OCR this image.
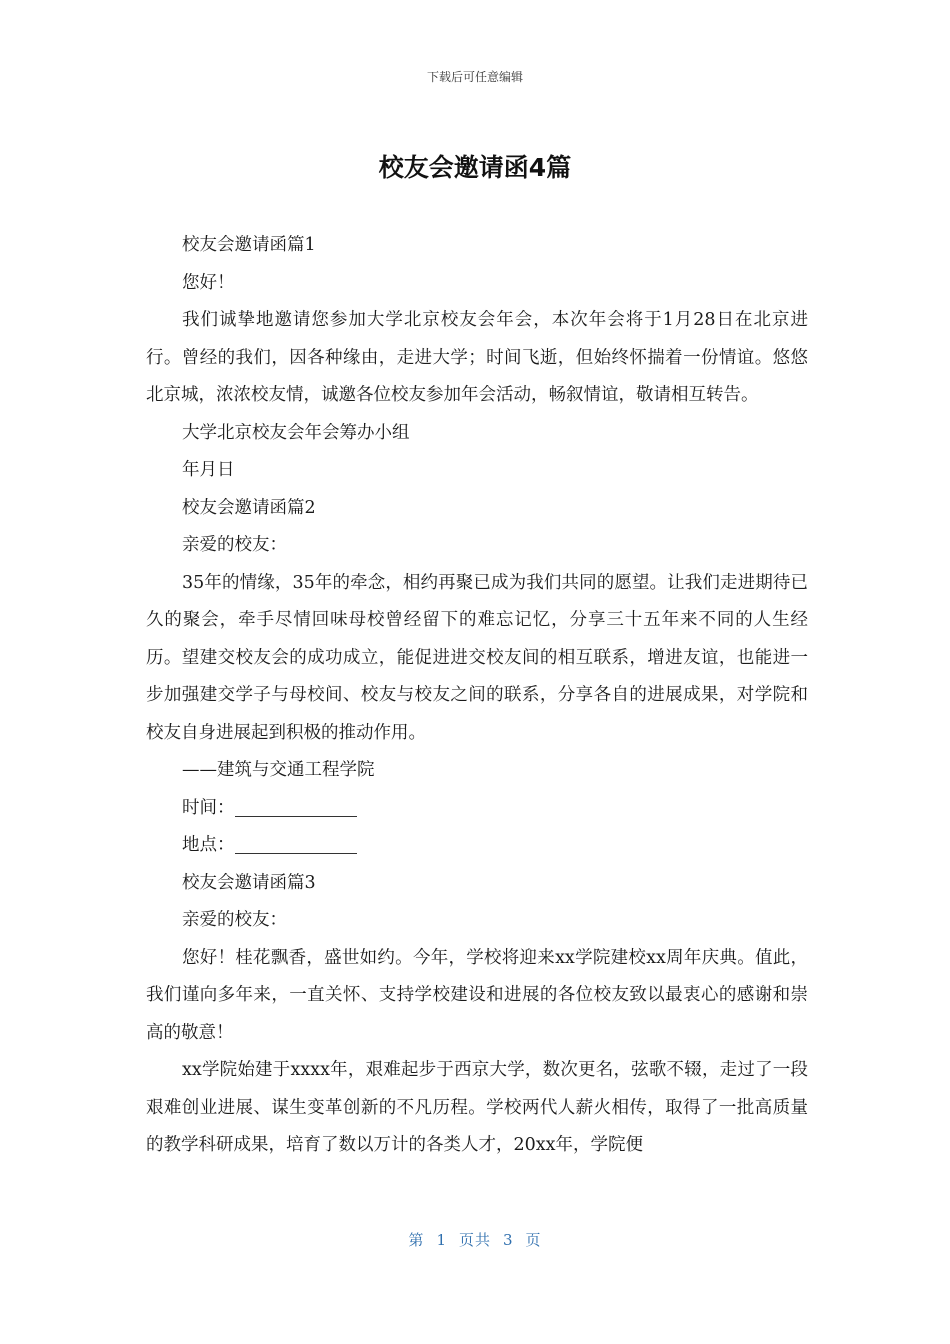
下载后可任意编辑
校友会邀请函4篇

校友会邀请函篇1

您好！

我们诚挚地邀请您参加大学北京校友会年会，本次年会将于1月28日在北京进行。曾经的我们，因各种缘由，走进大学；时间飞逝，但始终怀揣着一份情谊。悠悠北京城，浓浓校友情，诚邀各位校友参加年会活动，畅叙情谊，敬请相互转告。

大学北京校友会年会筹办小组

年月日

校友会邀请函篇2

亲爱的校友：

35年的情缘，35年的牵念，相约再聚已成为我们共同的愿望。让我们走进期待已久的聚会，牵手尽情回味母校曾经留下的难忘记忆，分享三十五年来不同的人生经历。望建交校友会的成功成立，能促进进交校友间的相互联系，增进友谊，也能进一步加强建交学子与母校间、校友与校友之间的联系，分享各自的进展成果，对学院和校友自身进展起到积极的推动作用。

——建筑与交通工程学院

时间：

地点：

校友会邀请函篇3

亲爱的校友：

您好！桂花飘香，盛世如约。今年，学校将迎来xx学院建校xx周年庆典。值此，我们谨向多年来，一直关怀、支持学校建设和进展的各位校友致以最衷心的感谢和崇高的敬意！

xx学院始建于xxxx年，艰难起步于西京大学，数次更名，弦歌不辍，走过了一段艰难创业进展、谋生变革创新的不凡历程。学校两代人薪火相传，取得了一批高质量的教学科研成果，培育了数以万计的各类人才，20xx年，学院便

第 1 页共 3 页
